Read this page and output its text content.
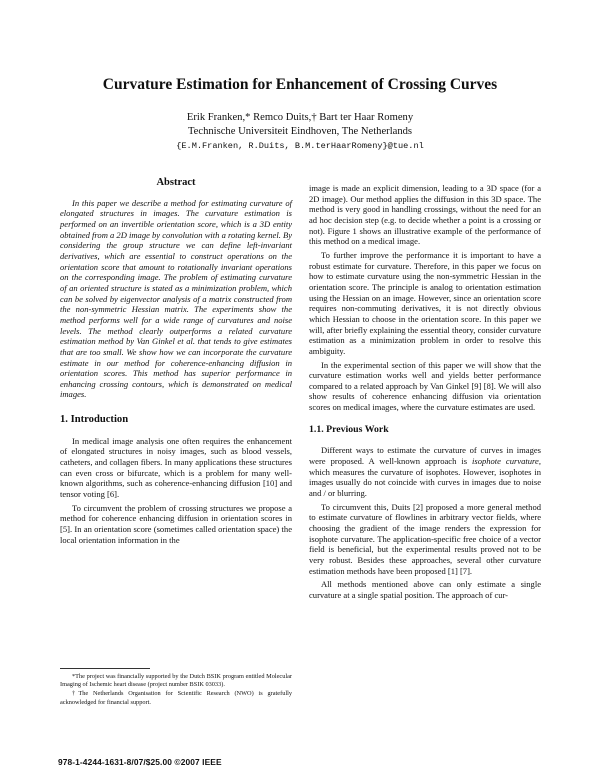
Curvature Estimation for Enhancement of Crossing Curves
Erik Franken,* Remco Duits,† Bart ter Haar Romeny
Technische Universiteit Eindhoven, The Netherlands
{E.M.Franken, R.Duits, B.M.terHaarRomeny}@tue.nl
Abstract

In this paper we describe a method for estimating curvature of elongated structures in images. The curvature estimation is performed on an invertible orientation score, which is a 3D entity obtained from a 2D image by convolution with a rotating kernel. By considering the group structure we can define left-invariant derivatives, which are essential to construct operations on the orientation score that amount to rotationally invariant operations on the corresponding image. The problem of estimating curvature of an oriented structure is stated as a minimization problem, which can be solved by eigenvector analysis of a matrix constructed from the non-symmetric Hessian matrix. The experiments show the method performs well for a wide range of curvatures and noise levels. The method clearly outperforms a related curvature estimation method by Van Ginkel et al. that tends to give estimates that are too small. We show how we can incorporate the curvature estimate in our method for coherence-enhancing diffusion in orientation scores. This method has superior performance in enhancing crossing contours, which is demonstrated on medical images.

1. Introduction

In medical image analysis one often requires the enhancement of elongated structures in noisy images, such as blood vessels, catheters, and collagen fibers. In many applications these structures can even cross or bifurcate, which is a problem for many well-known algorithms, such as coherence-enhancing diffusion [10] and tensor voting [6].

To circumvent the problem of crossing structures we propose a method for coherence enhancing diffusion in orientation scores in [5]. In an orientation score (sometimes called orientation space) the local orientation information in the

*The project was financially supported by the Dutch BSIK program entitled Molecular Imaging of Ischemic heart disease (project number BSIK 03033).
†The Netherlands Organisation for Scientific Research (NWO) is gratefully acknowledged for financial support.

image is made an explicit dimension, leading to a 3D space (for a 2D image). Our method applies the diffusion in this 3D space. The method is very good in handling crossings, without the need for an ad hoc decision step (e.g. to decide whether a point is a crossing or not). Figure 1 shows an illustrative example of the performance of this method on a medical image.

To further improve the performance it is important to have a robust estimate for curvature. Therefore, in this paper we focus on how to estimate curvature using the non-symmetric Hessian in the orientation score. The principle is analog to orientation estimation using the Hessian on an image. However, since an orientation score requires non-commuting derivatives, it is not directly obvious which Hessian to choose in the orientation score. In this paper we will, after briefly explaining the essential theory, consider curvature estimation as a minimization problem in order to resolve this ambiguity.

In the experimental section of this paper we will show that the curvature estimation works well and yields better performance compared to a related approach by Van Ginkel [9] [8]. We will also show results of coherence enhancing diffusion via orientation scores on medical images, where the curvature estimates are used.

1.1. Previous Work

Different ways to estimate the curvature of curves in images were proposed. A well-known approach is isophote curvature, which measures the curvature of isophotes. However, isophotes in images usually do not coincide with curves in images due to noise and / or blurring.

To circumvent this, Duits [2] proposed a more general method to estimate curvature of flowlines in arbitrary vector fields, where choosing the gradient of the image renders the expression for isophote curvature. The application-specific free choice of a vector field is beneficial, but the experimental results proved not to be very robust. Besides these approaches, several other curvature estimation methods have been proposed [1] [7].

All methods mentioned above can only estimate a single curvature at a single spatial position. The approach of cur-

978-1-4244-1631-8/07/$25.00 ©2007 IEEE
